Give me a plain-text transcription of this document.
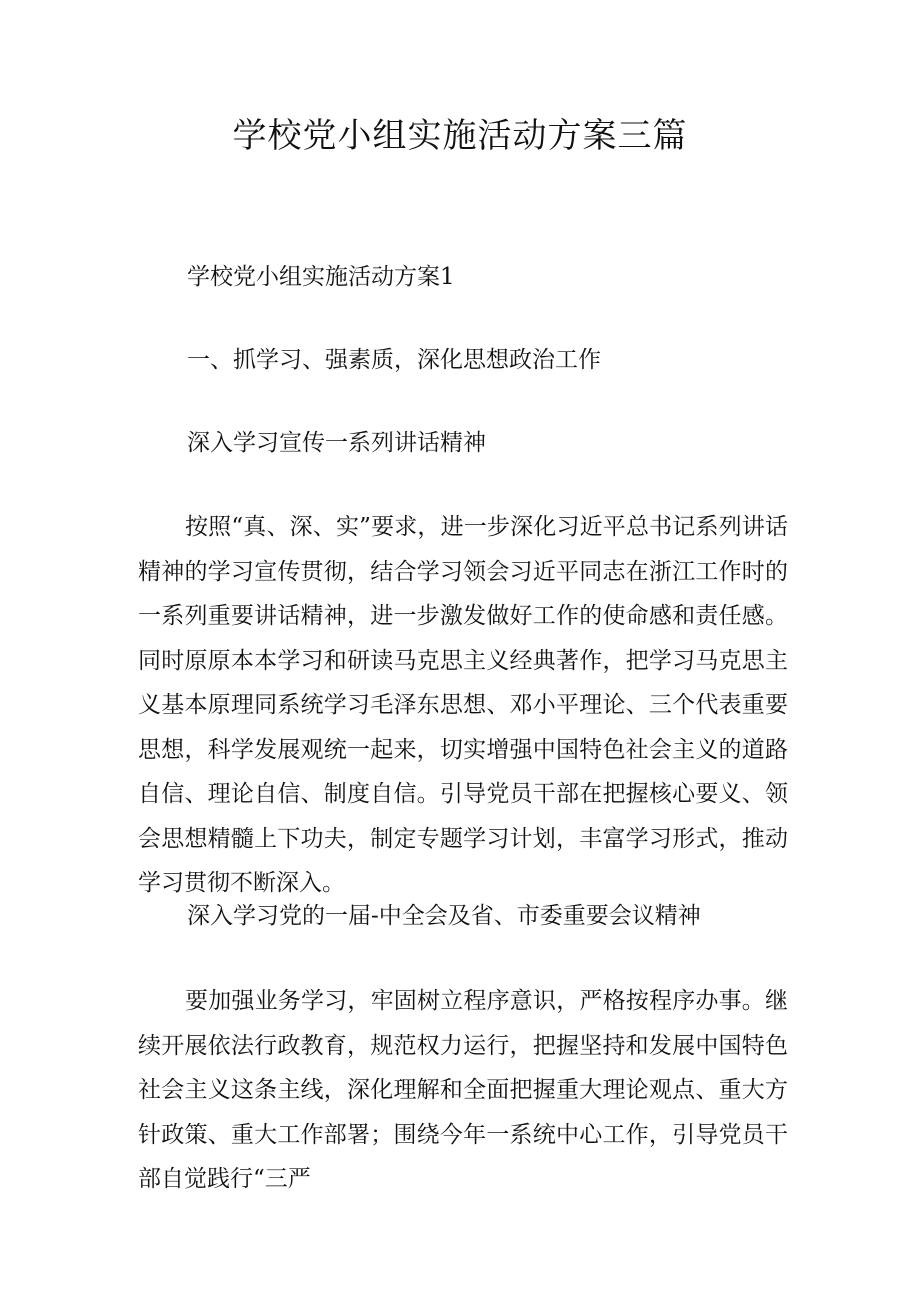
学校党小组实施活动方案三篇

学校党小组实施活动方案1

一、抓学习、强素质，深化思想政治工作

深入学习宣传一系列讲话精神

按照“真、深、实”要求，进一步深化习近平总书记系列讲话精神的学习宣传贯彻，结合学习领会习近平同志在浙江工作时的一系列重要讲话精神，进一步激发做好工作的使命感和责任感。同时原原本本学习和研读马克思主义经典著作，把学习马克思主义基本原理同系统学习毛泽东思想、邓小平理论、三个代表重要思想，科学发展观统一起来，切实增强中国特色社会主义的道路自信、理论自信、制度自信。引导党员干部在把握核心要义、领会思想精髓上下功夫，制定专题学习计划，丰富学习形式，推动学习贯彻不断深入。

深入学习党的一届-中全会及省、市委重要会议精神

要加强业务学习，牢固树立程序意识，严格按程序办事。继续开展依法行政教育，规范权力运行，把握坚持和发展中国特色社会主义这条主线，深化理解和全面把握重大理论观点、重大方针政策、重大工作部署；围绕今年一系统中心工作，引导党员干部自觉践行“三严
